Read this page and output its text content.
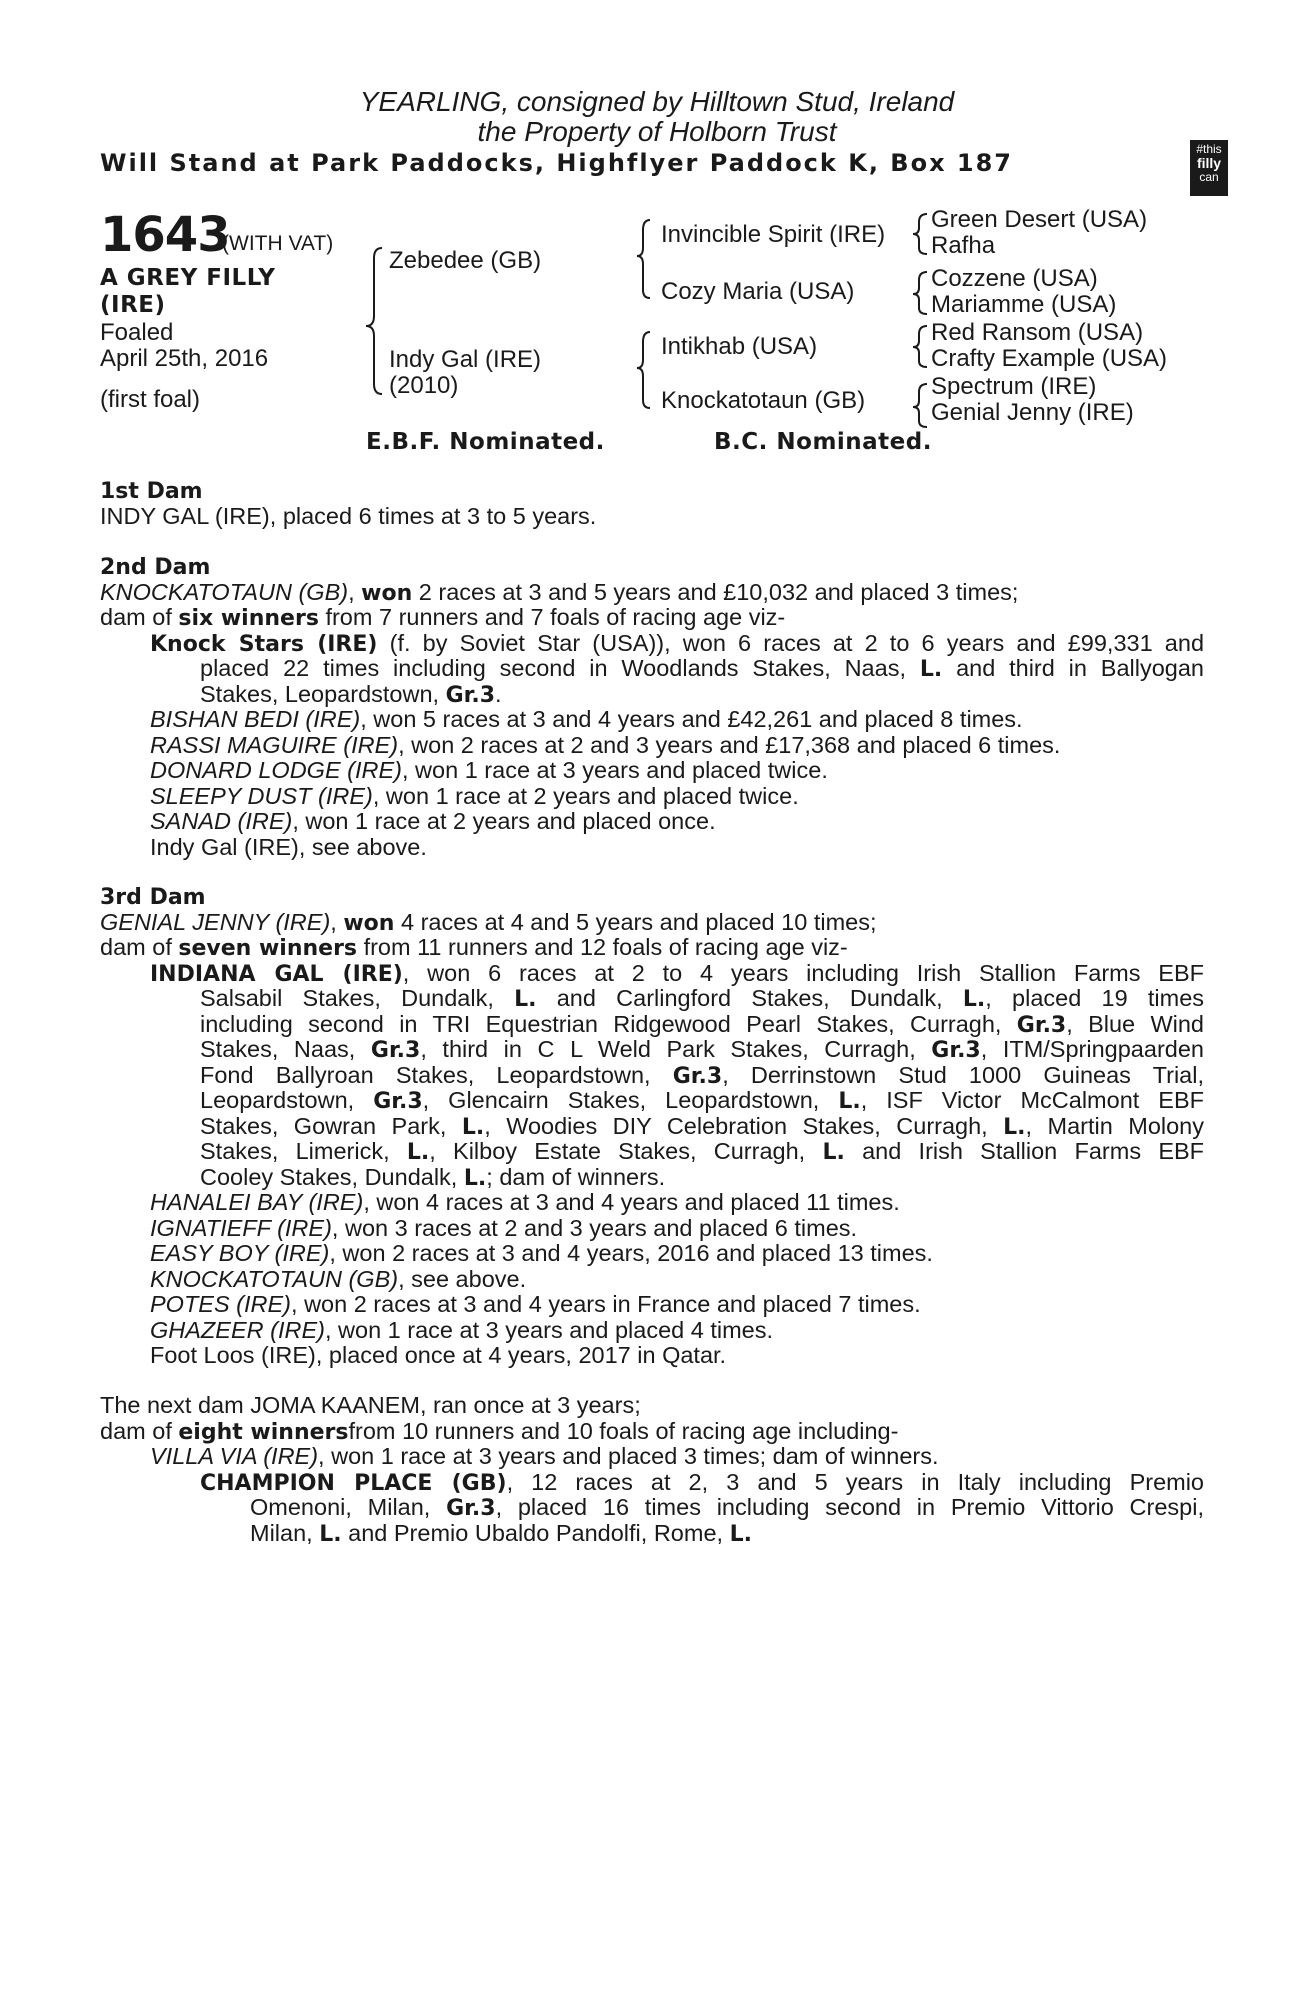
YEARLING, consigned by Hilltown Stud, Ireland
the Property of Holborn Trust
Will Stand at Park Paddocks, Highflyer Paddock K, Box 187	#this
filly
can
1643
(WITH VAT)
A GREY FILLY
(IRE)
Foaled
April 25th, 2016
(first foal)
Zebedee (GB)
Indy Gal (IRE)
(2010)
Invincible Spirit (IRE)
Cozy Maria (USA)
Intikhab (USA)
Knockatotaun (GB)
Green Desert (USA)
Rafha
Cozzene (USA)
Mariamme (USA)
Red Ransom (USA)
Crafty Example (USA)
Spectrum (IRE)
Genial Jenny (IRE)
E.B.F. Nominated.	B.C. Nominated.
1st Dam
INDY GAL (IRE), placed 6 times at 3 to 5 years.
2nd Dam
KNOCKATOTAUN (GB), won 2 races at 3 and 5 years and £10,032 and placed 3 times;
dam of six winners from 7 runners and 7 foals of racing age viz-
Knock Stars (IRE) (f. by Soviet Star (USA)), won 6 races at 2 to 6 years and £99,331 and
placed 22 times including second in Woodlands Stakes, Naas, L. and third in Ballyogan
Stakes, Leopardstown, Gr.3.
BISHAN BEDI (IRE), won 5 races at 3 and 4 years and £42,261 and placed 8 times.
RASSI MAGUIRE (IRE), won 2 races at 2 and 3 years and £17,368 and placed 6 times.
DONARD LODGE (IRE), won 1 race at 3 years and placed twice.
SLEEPY DUST (IRE), won 1 race at 2 years and placed twice.
SANAD (IRE), won 1 race at 2 years and placed once.
Indy Gal (IRE), see above.
3rd Dam
GENIAL JENNY (IRE), won 4 races at 4 and 5 years and placed 10 times;
dam of seven winners from 11 runners and 12 foals of racing age viz-
INDIANA GAL (IRE), won 6 races at 2 to 4 years including Irish Stallion Farms EBF
Salsabil Stakes, Dundalk, L. and Carlingford Stakes, Dundalk, L., placed 19 times
including second in TRI Equestrian Ridgewood Pearl Stakes, Curragh, Gr.3, Blue Wind
Stakes, Naas, Gr.3, third in C L Weld Park Stakes, Curragh, Gr.3, ITM/Springpaarden
Fond Ballyroan Stakes, Leopardstown, Gr.3, Derrinstown Stud 1000 Guineas Trial,
Leopardstown, Gr.3, Glencairn Stakes, Leopardstown, L., ISF Victor McCalmont EBF
Stakes, Gowran Park, L., Woodies DIY Celebration Stakes, Curragh, L., Martin Molony
Stakes, Limerick, L., Kilboy Estate Stakes, Curragh, L. and Irish Stallion Farms EBF
Cooley Stakes, Dundalk, L.; dam of winners.
HANALEI BAY (IRE), won 4 races at 3 and 4 years and placed 11 times.
IGNATIEFF (IRE), won 3 races at 2 and 3 years and placed 6 times.
EASY BOY (IRE), won 2 races at 3 and 4 years, 2016 and placed 13 times.
KNOCKATOTAUN (GB), see above.
POTES (IRE), won 2 races at 3 and 4 years in France and placed 7 times.
GHAZEER (IRE), won 1 race at 3 years and placed 4 times.
Foot Loos (IRE), placed once at 4 years, 2017 in Qatar.
The next dam JOMA KAANEM, ran once at 3 years;
dam of eight winnersfrom 10 runners and 10 foals of racing age including-
VILLA VIA (IRE), won 1 race at 3 years and placed 3 times; dam of winners.
CHAMPION PLACE (GB), 12 races at 2, 3 and 5 years in Italy including Premio
Omenoni, Milan, Gr.3, placed 16 times including second in Premio Vittorio Crespi,
Milan, L. and Premio Ubaldo Pandolfi, Rome, L.
